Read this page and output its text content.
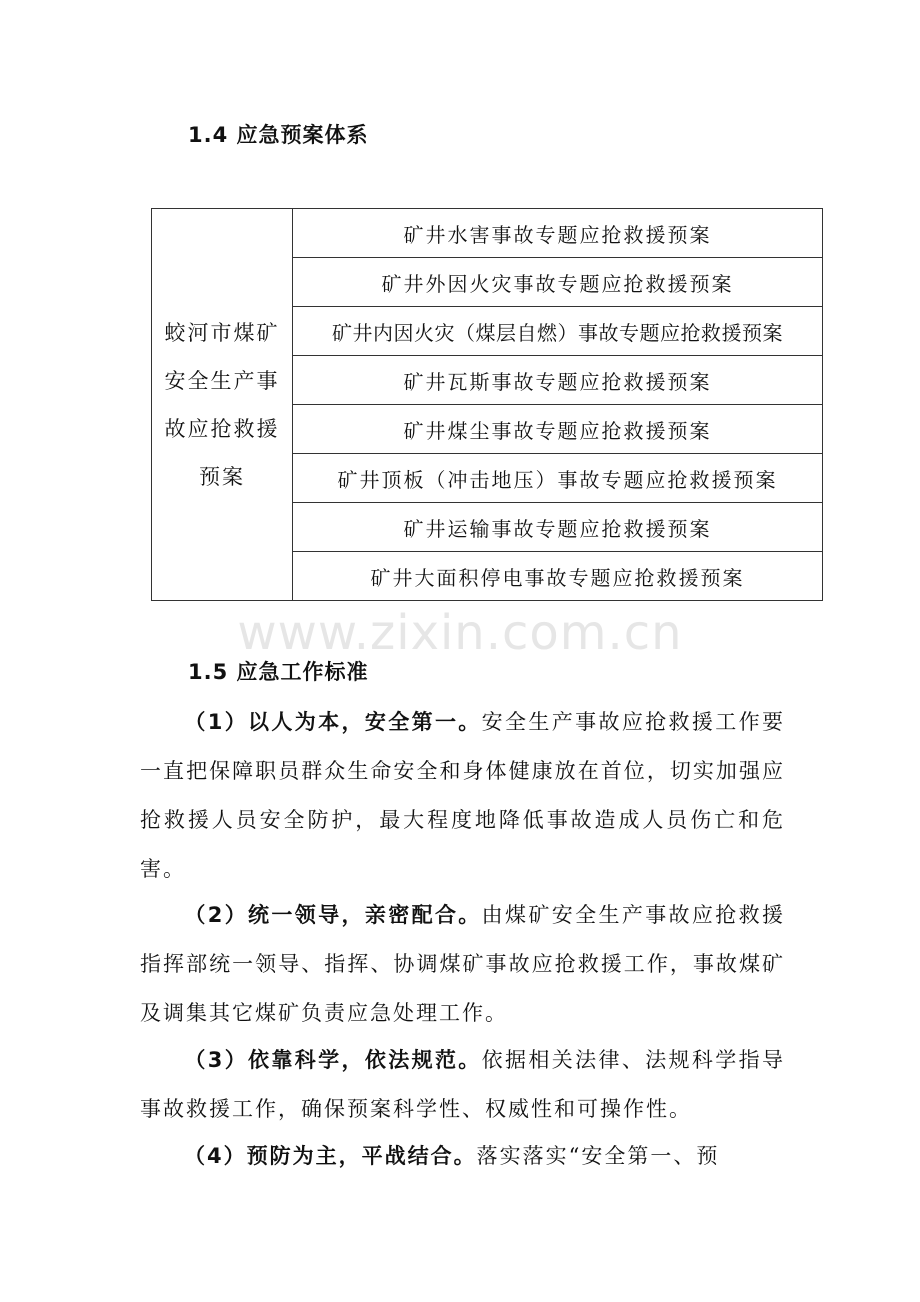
1.4 应急预案体系
蛟河市煤矿
安全生产事
故应抢救援
预案
	矿井水害事故专题应抢救援预案
矿井外因火灾事故专题应抢救援预案
矿井内因火灾（煤层自燃）事故专题应抢救援预案
矿井瓦斯事故专题应抢救援预案
矿井煤尘事故专题应抢救援预案
矿井顶板（冲击地压）事故专题应抢救援预案
矿井运输事故专题应抢救援预案
矿井大面积停电事故专题应抢救援预案
www.zixin.com.cn
1.5 应急工作标准

（1）以人为本，安全第一。安全生产事故应抢救援工作要一直把保障职员群众生命安全和身体健康放在首位，切实加强应抢救援人员安全防护，最大程度地降低事故造成人员伤亡和危害。

（2）统一领导，亲密配合。由煤矿安全生产事故应抢救援指挥部统一领导、指挥、协调煤矿事故应抢救援工作，事故煤矿及调集其它煤矿负责应急处理工作。

（3）依靠科学，依法规范。依据相关法律、法规科学指导事故救援工作，确保预案科学性、权威性和可操作性。

（4）预防为主，平战结合。落实落实“安全第一、预
